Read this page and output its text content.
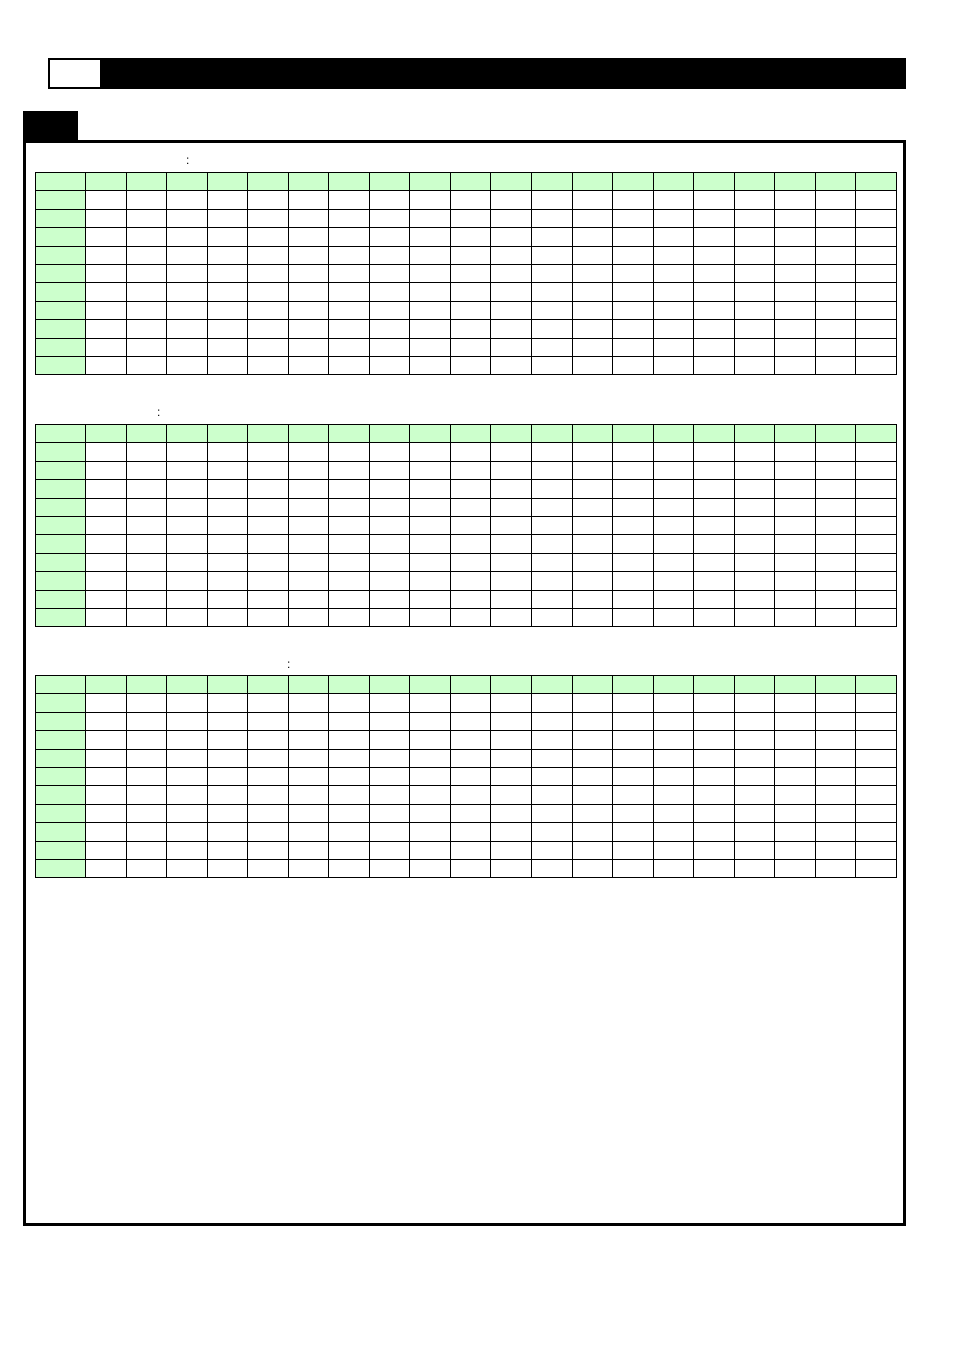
:

:

:
